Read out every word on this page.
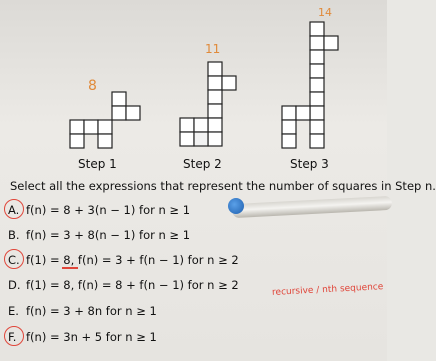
8
11
14
Step 1	Step 2	Step 3
Select all the expressions that represent the number of squares in Step n.
A. f(n) = 8 + 3(n − 1) for n ≥ 1
B. f(n) = 3 + 8(n − 1) for n ≥ 1
C. f(1) = 8, f(n) = 3 + f(n − 1) for n ≥ 2
D. f(1) = 8, f(n) = 8 + f(n − 1) for n ≥ 2
E. f(n) = 3 + 8n for n ≥ 1
F. f(n) = 3n + 5 for n ≥ 1
recursive / nth sequence
